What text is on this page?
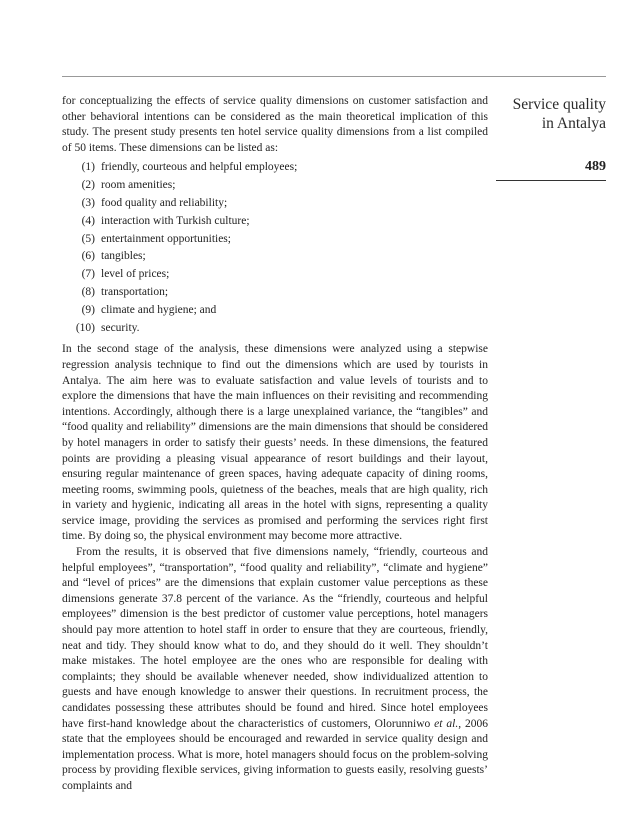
Service quality
in Antalya
489

for conceptualizing the effects of service quality dimensions on customer satisfaction and other behavioral intentions can be considered as the main theoretical implication of this study. The present study presents ten hotel service quality dimensions from a list compiled of 50 items. These dimensions can be listed as:

(1) friendly, courteous and helpful employees;
(2) room amenities;
(3) food quality and reliability;
(4) interaction with Turkish culture;
(5) entertainment opportunities;
(6) tangibles;
(7) level of prices;
(8) transportation;
(9) climate and hygiene; and
(10) security.

In the second stage of the analysis, these dimensions were analyzed using a stepwise regression analysis technique to find out the dimensions which are used by tourists in Antalya. The aim here was to evaluate satisfaction and value levels of tourists and to explore the dimensions that have the main influences on their revisiting and recommending intentions. Accordingly, although there is a large unexplained variance, the “tangibles” and “food quality and reliability” dimensions are the main dimensions that should be considered by hotel managers in order to satisfy their guests’ needs. In these dimensions, the featured points are providing a pleasing visual appearance of resort buildings and their layout, ensuring regular maintenance of green spaces, having adequate capacity of dining rooms, meeting rooms, swimming pools, quietness of the beaches, meals that are high quality, rich in variety and hygienic, indicating all areas in the hotel with signs, representing a quality service image, providing the services as promised and performing the services right first time. By doing so, the physical environment may become more attractive.

From the results, it is observed that five dimensions namely, “friendly, courteous and helpful employees”, “transportation”, “food quality and reliability”, “climate and hygiene” and “level of prices” are the dimensions that explain customer value perceptions as these dimensions generate 37.8 percent of the variance. As the “friendly, courteous and helpful employees” dimension is the best predictor of customer value perceptions, hotel managers should pay more attention to hotel staff in order to ensure that they are courteous, friendly, neat and tidy. They should know what to do, and they should do it well. They shouldn’t make mistakes. The hotel employee are the ones who are responsible for dealing with complaints; they should be available whenever needed, show individualized attention to guests and have enough knowledge to answer their questions. In recruitment process, the candidates possessing these attributes should be found and hired. Since hotel employees have first-hand knowledge about the characteristics of customers, Olorunniwo et al., 2006 state that the employees should be encouraged and rewarded in service quality design and implementation process. What is more, hotel managers should focus on the problem-solving process by providing flexible services, giving information to guests easily, resolving guests’ complaints and
